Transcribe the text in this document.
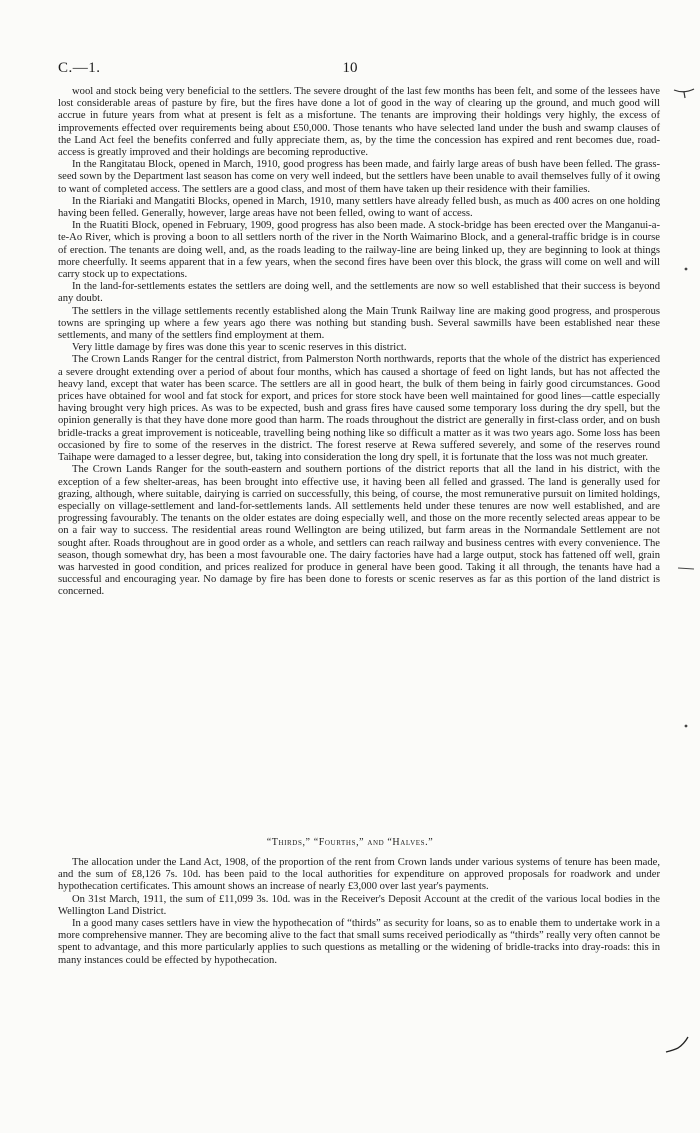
C.—1.	10

wool and stock being very beneficial to the settlers. The severe drought of the last few months has been felt, and some of the lessees have lost considerable areas of pasture by fire, but the fires have done a lot of good in the way of clearing up the ground, and much good will accrue in future years from what at present is felt as a misfortune. The tenants are improving their holdings very highly, the excess of improvements effected over requirements being about £50,000. Those tenants who have selected land under the bush and swamp clauses of the Land Act feel the benefits conferred and fully appreciate them, as, by the time the concession has expired and rent becomes due, road-access is greatly improved and their holdings are becoming reproductive.

In the Rangitatau Block, opened in March, 1910, good progress has been made, and fairly large areas of bush have been felled. The grass-seed sown by the Department last season has come on very well indeed, but the settlers have been unable to avail themselves fully of it owing to want of completed access. The settlers are a good class, and most of them have taken up their residence with their families.

In the Riariaki and Mangatiti Blocks, opened in March, 1910, many settlers have already felled bush, as much as 400 acres on one holding having been felled. Generally, however, large areas have not been felled, owing to want of access.

In the Ruatiti Block, opened in February, 1909, good progress has also been made. A stock-bridge has been erected over the Manganui-a-te-Ao River, which is proving a boon to all settlers north of the river in the North Waimarino Block, and a general-traffic bridge is in course of erection. The tenants are doing well, and, as the roads leading to the railway-line are being linked up, they are beginning to look at things more cheerfully. It seems apparent that in a few years, when the second fires have been over this block, the grass will come on well and will carry stock up to expectations.

In the land-for-settlements estates the settlers are doing well, and the settlements are now so well established that their success is beyond any doubt.

The settlers in the village settlements recently established along the Main Trunk Railway line are making good progress, and prosperous towns are springing up where a few years ago there was nothing but standing bush. Several sawmills have been established near these settlements, and many of the settlers find employment at them.

Very little damage by fires was done this year to scenic reserves in this district.

The Crown Lands Ranger for the central district, from Palmerston North northwards, reports that the whole of the district has experienced a severe drought extending over a period of about four months, which has caused a shortage of feed on light lands, but has not affected the heavy land, except that water has been scarce. The settlers are all in good heart, the bulk of them being in fairly good circumstances. Good prices have obtained for wool and fat stock for export, and prices for store stock have been well maintained for good lines—cattle especially having brought very high prices. As was to be expected, bush and grass fires have caused some temporary loss during the dry spell, but the opinion generally is that they have done more good than harm. The roads throughout the district are generally in first-class order, and on bush bridle-tracks a great improvement is noticeable, travelling being nothing like so difficult a matter as it was two years ago. Some loss has been occasioned by fire to some of the reserves in the district. The forest reserve at Rewa suffered severely, and some of the reserves round Taihape were damaged to a lesser degree, but, taking into consideration the long dry spell, it is fortunate that the loss was not much greater.

The Crown Lands Ranger for the south-eastern and southern portions of the district reports that all the land in his district, with the exception of a few shelter-areas, has been brought into effective use, it having been all felled and grassed. The land is generally used for grazing, although, where suitable, dairying is carried on successfully, this being, of course, the most remunerative pursuit on limited holdings, especially on village-settlement and land-for-settlements lands. All settlements held under these tenures are now well established, and are progressing favourably. The tenants on the older estates are doing especially well, and those on the more recently selected areas appear to be on a fair way to success. The residential areas round Wellington are being utilized, but farm areas in the Normandale Settlement are not sought after. Roads throughout are in good order as a whole, and settlers can reach railway and business centres with every convenience. The season, though somewhat dry, has been a most favourable one. The dairy factories have had a large output, stock has fattened off well, grain was harvested in good condition, and prices realized for produce in general have been good. Taking it all through, the tenants have had a successful and encouraging year. No damage by fire has been done to forests or scenic reserves as far as this portion of the land district is concerned.

“Thirds,” “Fourths,” and “Halves.”

The allocation under the Land Act, 1908, of the proportion of the rent from Crown lands under various systems of tenure has been made, and the sum of £8,126 7s. 10d. has been paid to the local authorities for expenditure on approved proposals for roadwork and under hypothecation certificates. This amount shows an increase of nearly £3,000 over last year's payments.

On 31st March, 1911, the sum of £11,099 3s. 10d. was in the Receiver's Deposit Account at the credit of the various local bodies in the Wellington Land District.

In a good many cases settlers have in view the hypothecation of “thirds” as security for loans, so as to enable them to undertake work in a more comprehensive manner. They are becoming alive to the fact that small sums received periodically as “thirds” really very often cannot be spent to advantage, and this more particularly applies to such questions as metalling or the widening of bridle-tracks into dray-roads: this in many instances could be effected by hypothecation.
